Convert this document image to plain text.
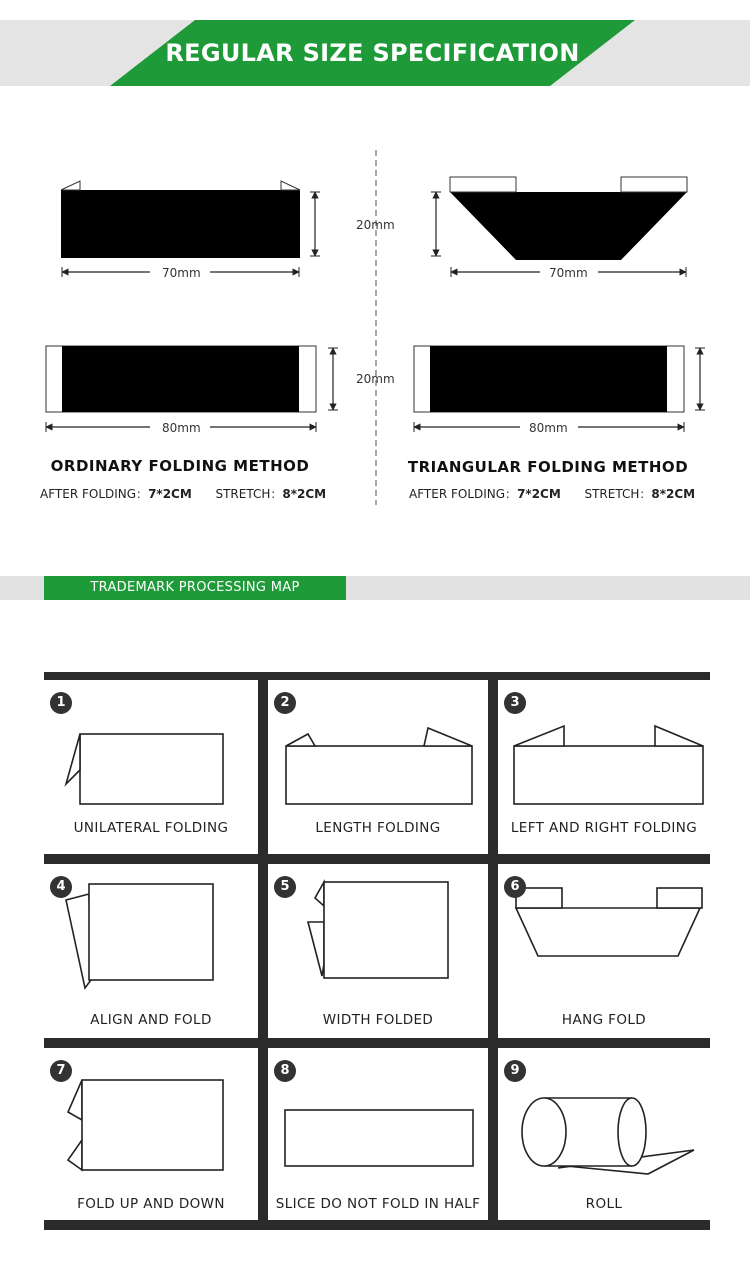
REGULAR SIZE SPECIFICATION
70mm	70mm
20mm
20mm
80mm	80mm
ORDINARY FOLDING METHOD	TRIANGULAR FOLDING METHOD
AFTER FOLDING：7*2CM STRETCH：8*2CM	AFTER FOLDING：7*2CM STRETCH：8*2CM
TRADEMARK PROCESSING MAP
1
UNILATERAL FOLDING
2
LENGTH FOLDING
3
LEFT AND RIGHT FOLDING
4
ALIGN AND FOLD
5
WIDTH FOLDED
6
HANG FOLD
7
FOLD UP AND DOWN
8
SLICE DO NOT FOLD IN HALF
9
ROLL
